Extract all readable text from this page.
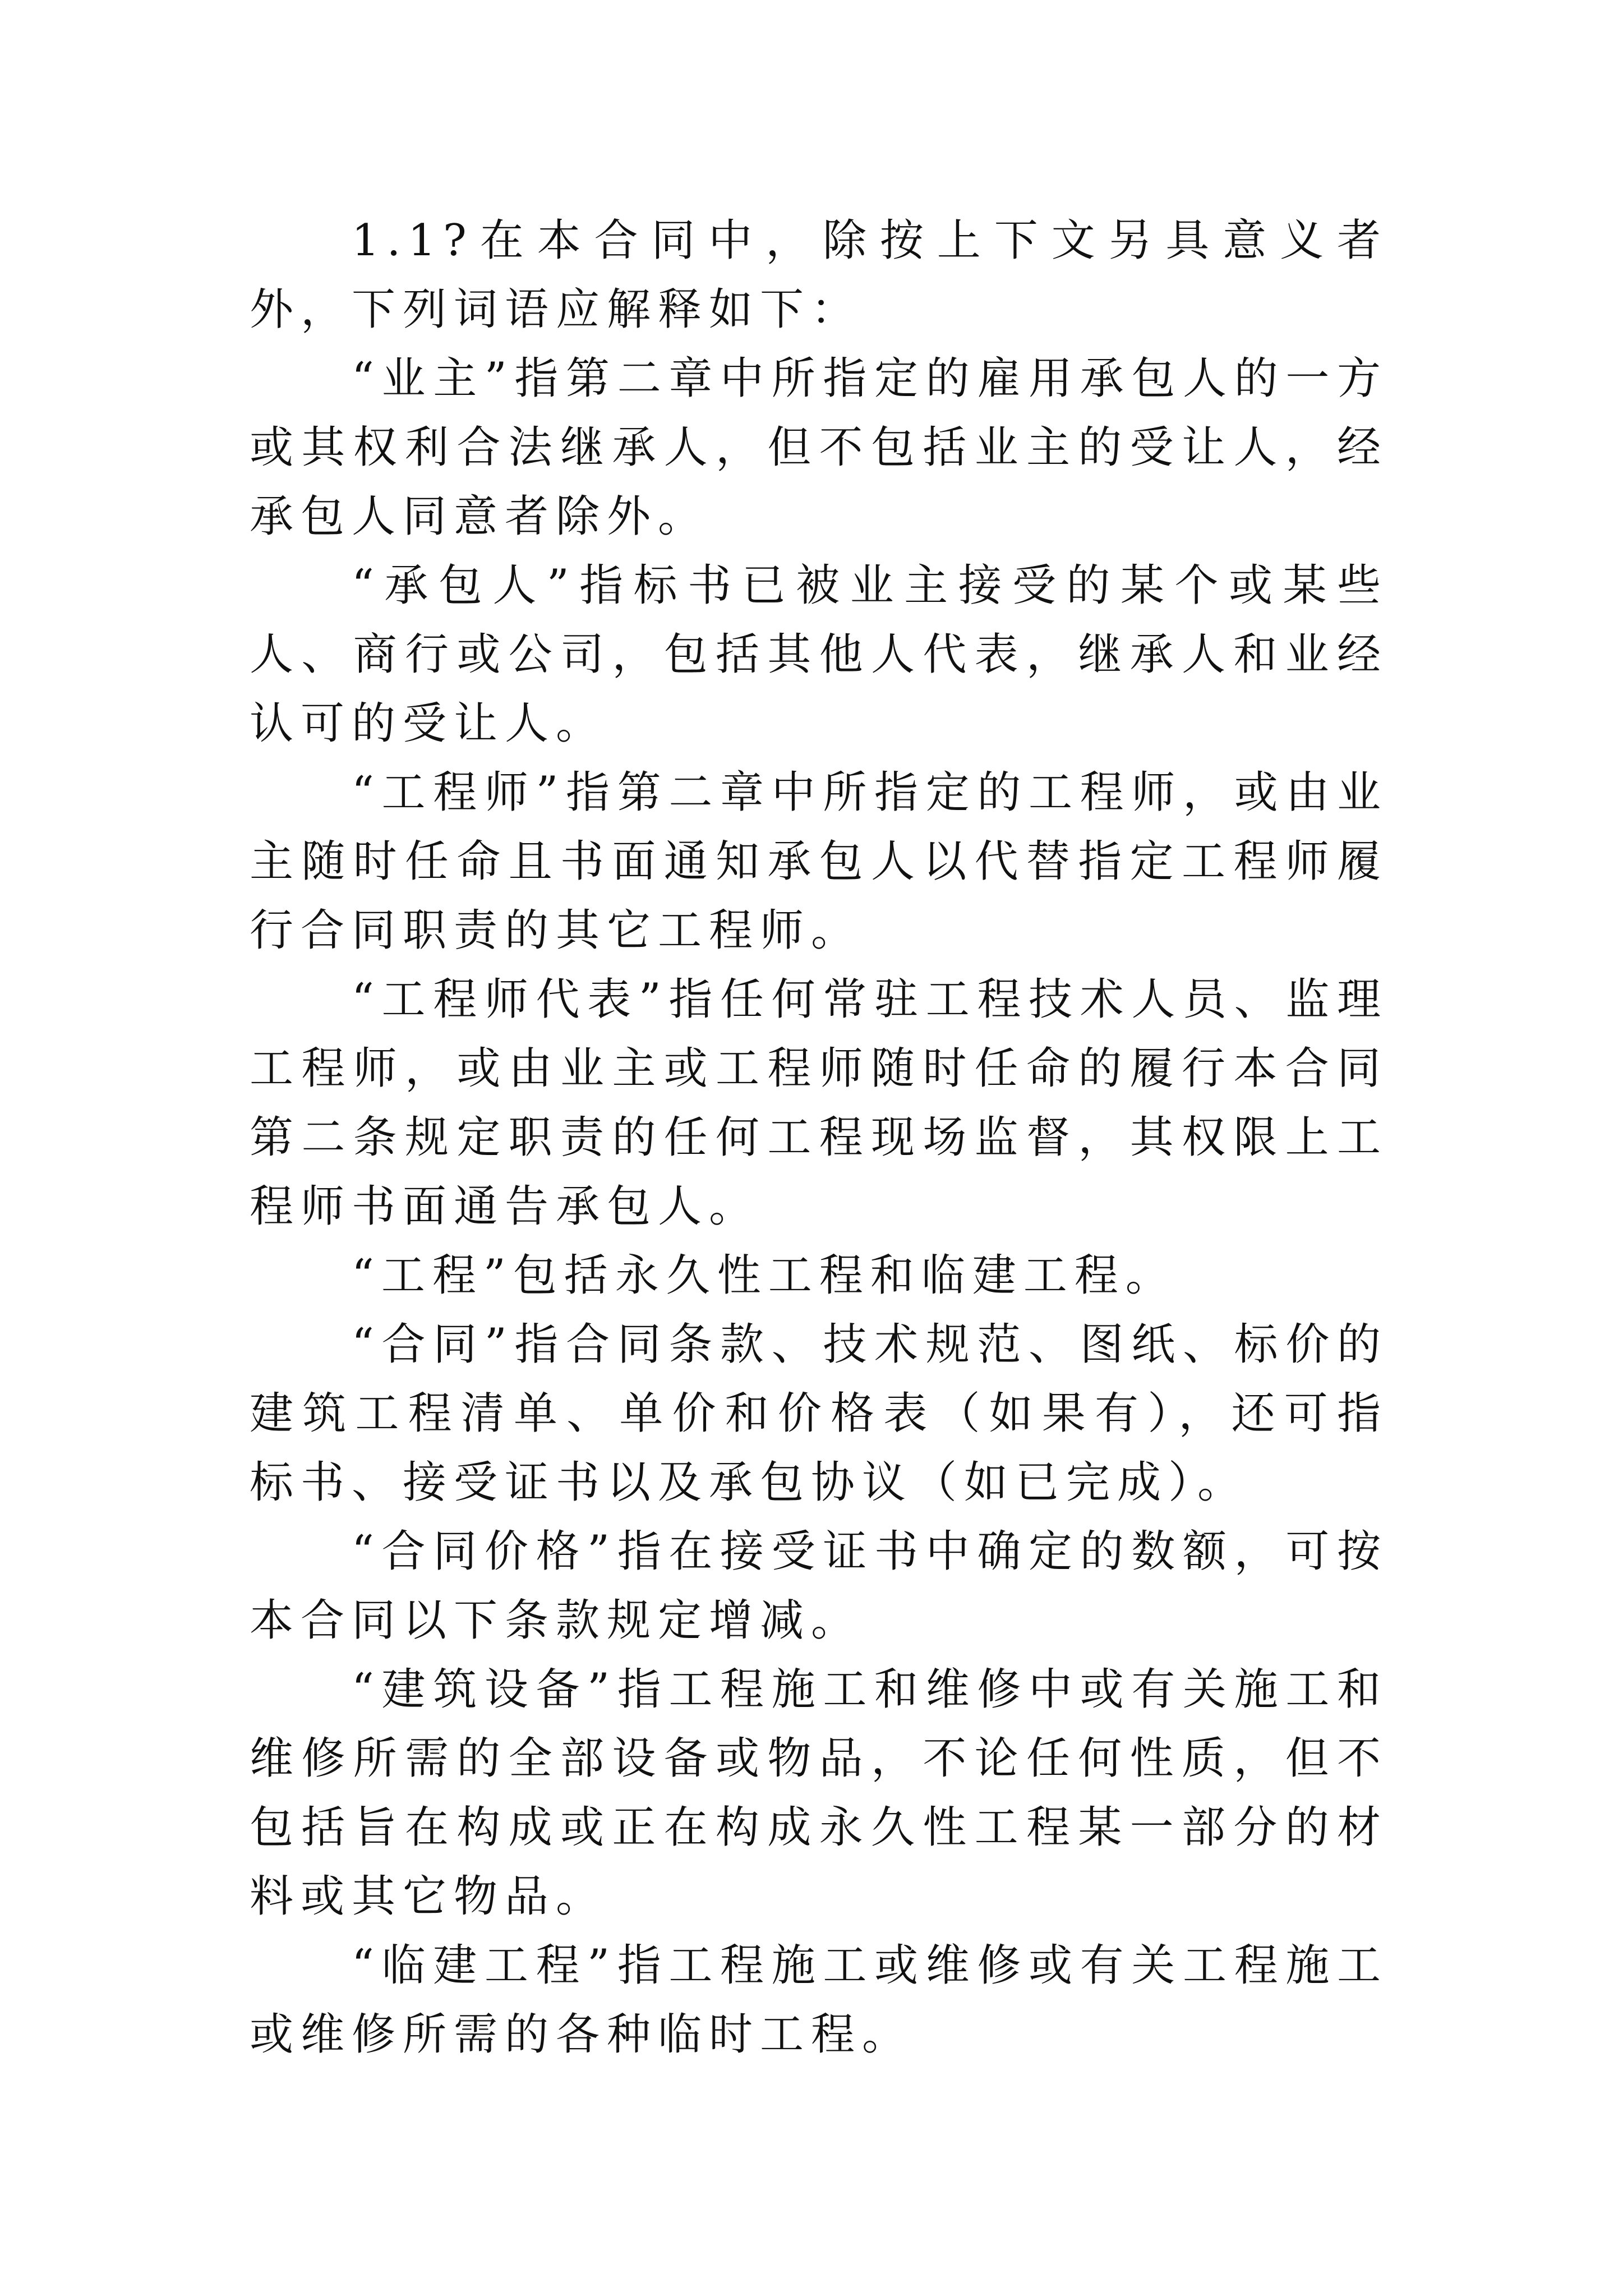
1.1?在本合同中，除按上下文另具意义者外，下列词语应解释如下：

“业主”指第二章中所指定的雇用承包人的一方或其权利合法继承人，但不包括业主的受让人，经承包人同意者除外。

“承包人”指标书已被业主接受的某个或某些人、商行或公司，包括其他人代表，继承人和业经认可的受让人。

“工程师”指第二章中所指定的工程师，或由业主随时任命且书面通知承包人以代替指定工程师履行合同职责的其它工程师。

“工程师代表”指任何常驻工程技术人员、监理工程师，或由业主或工程师随时任命的履行本合同第二条规定职责的任何工程现场监督，其权限上工程师书面通告承包人。

“工程”包括永久性工程和临建工程。

“合同”指合同条款、技术规范、图纸、标价的建筑工程清单、单价和价格表（如果有），还可指标书、接受证书以及承包协议（如已完成）。

“合同价格”指在接受证书中确定的数额，可按本合同以下条款规定增减。

“建筑设备”指工程施工和维修中或有关施工和维修所需的全部设备或物品，不论任何性质，但不包括旨在构成或正在构成永久性工程某一部分的材料或其它物品。

“临建工程”指工程施工或维修或有关工程施工或维修所需的各种临时工程。
